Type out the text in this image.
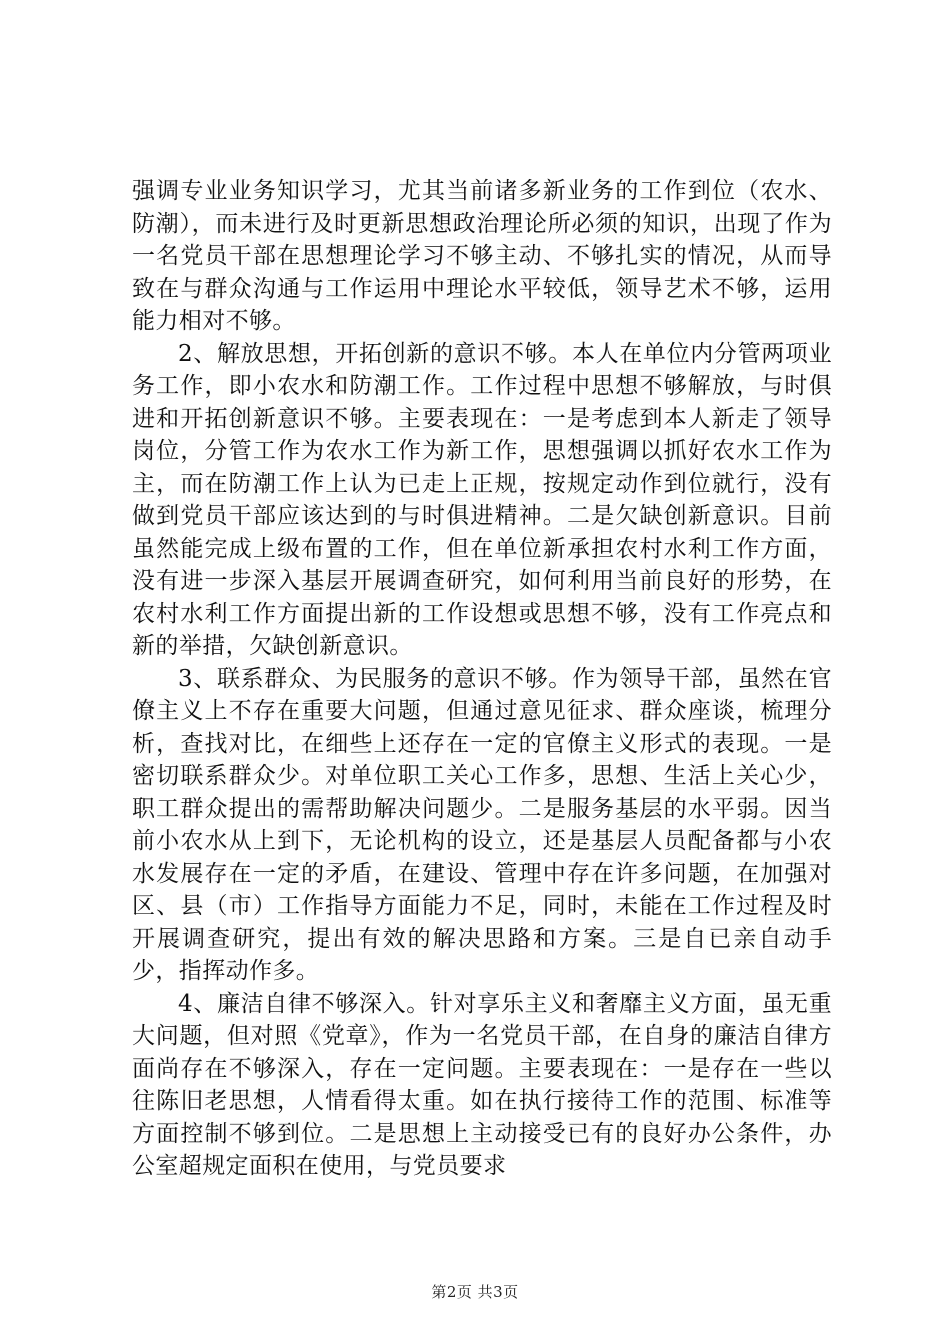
强调专业业务知识学习，尤其当前诸多新业务的工作到位（农水、防潮），而未进行及时更新思想政治理论所必须的知识，出现了作为一名党员干部在思想理论学习不够主动、不够扎实的情况，从而导致在与群众沟通与工作运用中理论水平较低，领导艺术不够，运用能力相对不够。

2、解放思想，开拓创新的意识不够。本人在单位内分管两项业务工作，即小农水和防潮工作。工作过程中思想不够解放，与时俱进和开拓创新意识不够。主要表现在：一是考虑到本人新走了领导岗位，分管工作为农水工作为新工作，思想强调以抓好农水工作为主，而在防潮工作上认为已走上正规，按规定动作到位就行，没有做到党员干部应该达到的与时俱进精神。二是欠缺创新意识。目前虽然能完成上级布置的工作，但在单位新承担农村水利工作方面，没有进一步深入基层开展调查研究，如何利用当前良好的形势，在农村水利工作方面提出新的工作设想或思想不够，没有工作亮点和新的举措，欠缺创新意识。

3、联系群众、为民服务的意识不够。作为领导干部，虽然在官僚主义上不存在重要大问题，但通过意见征求、群众座谈，梳理分析，查找对比，在细些上还存在一定的官僚主义形式的表现。一是密切联系群众少。对单位职工关心工作多，思想、生活上关心少，职工群众提出的需帮助解决问题少。二是服务基层的水平弱。因当前小农水从上到下，无论机构的设立，还是基层人员配备都与小农水发展存在一定的矛盾，在建设、管理中存在许多问题，在加强对区、县（市）工作指导方面能力不足，同时，未能在工作过程及时开展调查研究，提出有效的解决思路和方案。三是自已亲自动手少，指挥动作多。

4、廉洁自律不够深入。针对享乐主义和奢靡主义方面，虽无重大问题，但对照《党章》，作为一名党员干部，在自身的廉洁自律方面尚存在不够深入，存在一定问题。主要表现在：一是存在一些以往陈旧老思想，人情看得太重。如在执行接待工作的范围、标准等方面控制不够到位。二是思想上主动接受已有的良好办公条件，办公室超规定面积在使用，与党员要求

第2页 共3页
